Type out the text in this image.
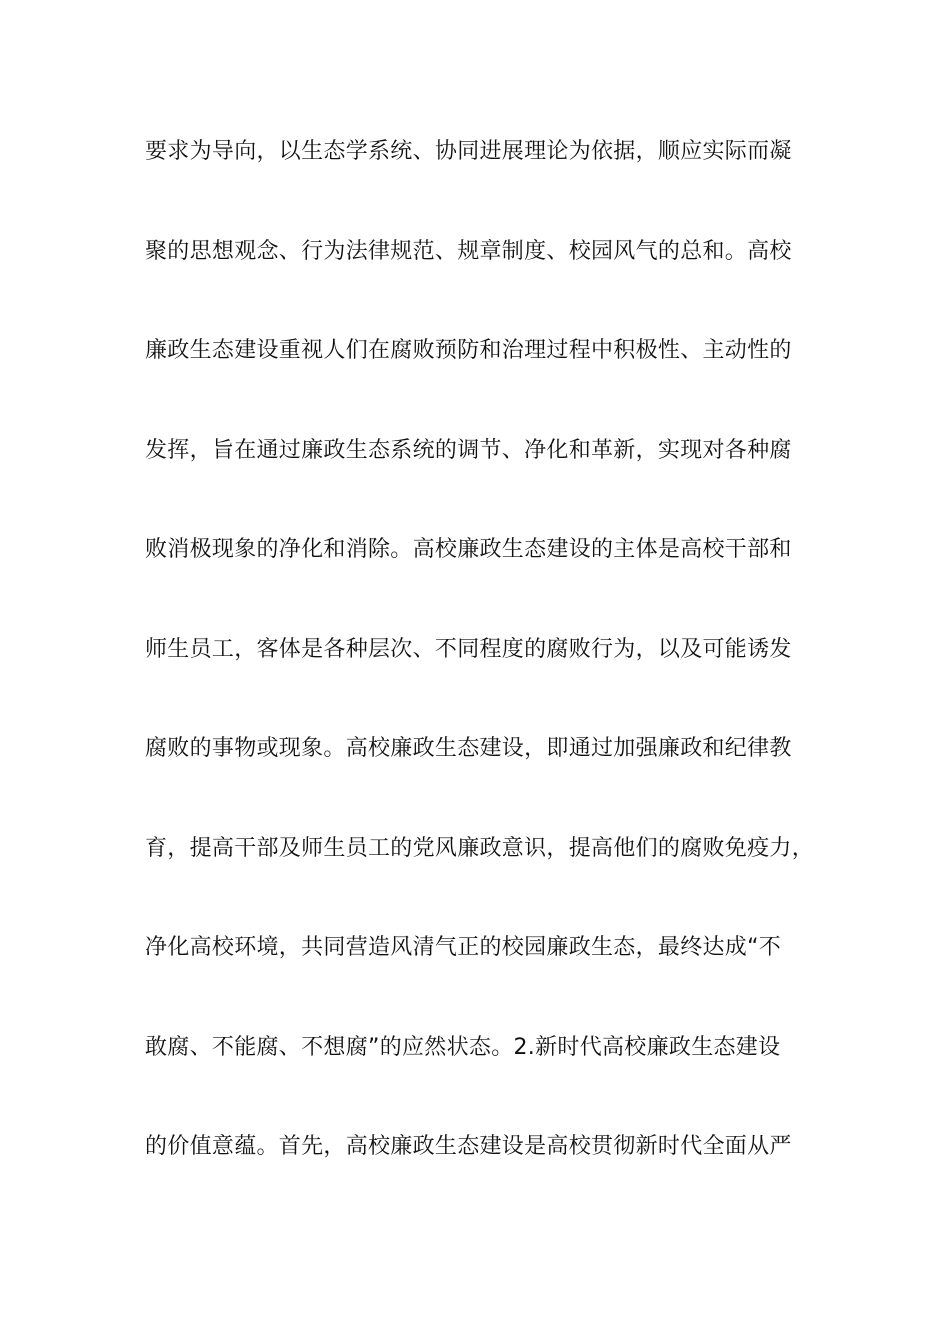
要求为导向，以生态学系统、协同进展理论为依据，顺应实际而凝
聚的思想观念、行为法律规范、规章制度、校园风气的总和。高校
廉政生态建设重视人们在腐败预防和治理过程中积极性、主动性的
发挥，旨在通过廉政生态系统的调节、净化和革新，实现对各种腐
败消极现象的净化和消除。高校廉政生态建设的主体是高校干部和
师生员工，客体是各种层次、不同程度的腐败行为，以及可能诱发
腐败的事物或现象。高校廉政生态建设，即通过加强廉政和纪律教
育，提高干部及师生员工的党风廉政意识，提高他们的腐败免疫力，
净化高校环境，共同营造风清气正的校园廉政生态，最终达成“不
敢腐、不能腐、不想腐”的应然状态。2.新时代高校廉政生态建设
的价值意蕴。首先，高校廉政生态建设是高校贯彻新时代全面从严
